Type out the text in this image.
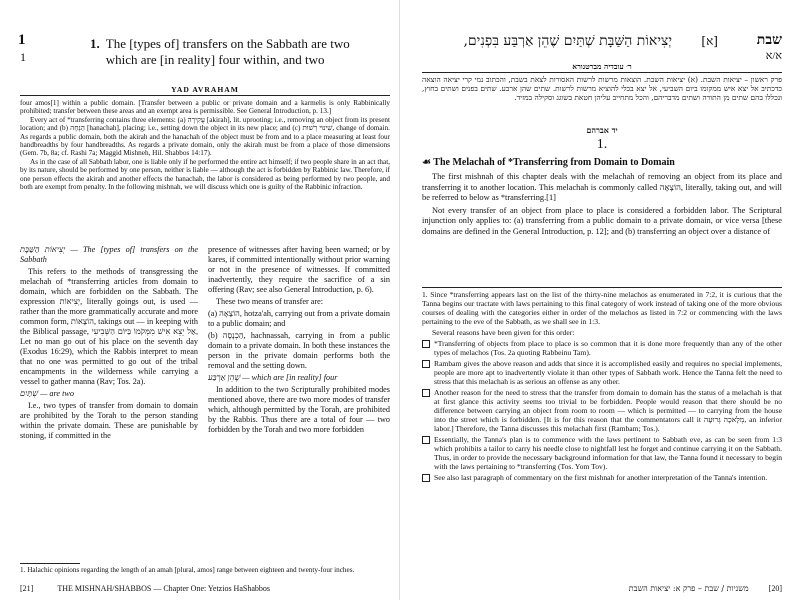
1
1
1. The [types of] transfers on the Sabbath are two which are [in reality] four within, and two
YAD AVRAHAM

four amos[1] within a public domain. [Transfer between a public or private domain and a karmelis is only Rabbinically prohibited; transfer between these areas and an exempt area is permissible. See General Introduction, p. 13.]

Every act of *transferring contains three elements: (a) עֲקִירָה [akirah], lit. uprooting; i.e., removing an object from its present location; and (b) הַנָּחָה [hanachah], placing; i.e., setting down the object in its new place; and (c) שִׁינּוּי רְשׁוּת, change of domain. As regards a public domain, both the akirah and the hanachah of the object must be from and to a place measuring at least four handbreadths by four handbreadths. As regards a private domain, only the akirah must be from a place of those dimensions (Gem. 7b, 8a; cf. Rashi 7a; Maggid Mishneh, Hil. Shabbos 14:17).

As in the case of all Sabbath labor, one is liable only if he performed the entire act himself; if two people share in an act that, by its nature, should be performed by one person, neither is liable — although the act is forbidden by Rabbinic law. Therefore, if one person effects the akirah and another effects the hanachah, the labor is considered as being performed by two people, and both are exempt from penalty. In the following mishnah, we will discuss which one is guilty of the Rabbinic infraction.

יְצִיאוֹת הַשַּׁבָּת — The [types of] transfers on the Sabbath

This refers to the methods of transgressing the melachah of *transferring articles from domain to domain, which are forbidden on the Sabbath. The expression יְצִיאוֹת, literally goings out, is used — rather than the more grammatically accurate and more common form, הוֹצָאוֹת, takings out — in keeping with the Biblical passage, אַל יֵצֵא אִישׁ מִמְּקֹמוֹ בַּיּוֹם הַשְּׁבִיעִי, Let no man go out of his place on the seventh day (Exodus 16:29), which the Rabbis interpret to mean that no one was permitted to go out of the tribal encampments in the wilderness while carrying a vessel to gather manna (Rav; Tos. 2a).

שְׁתַּיִם — are two

I.e., two types of transfer from domain to domain are prohibited by the Torah to the person standing within the private domain. These are punishable by stoning, if committed in the

presence of witnesses after having been warned; or by kares, if committed intentionally without prior warning or not in the presence of witnesses. If committed inadvertently, they require the sacrifice of a sin offering (Rav; see also General Introduction, p. 6).

These two means of transfer are:

(a) הוֹצָאָה, hotza'ah, carrying out from a private domain to a public domain; and

(b) הַכְנָסָה, hachnassah, carrying in from a public domain to a private domain. In both these instances the person in the private domain performs both the removal and the setting down.

שֶׁהֵן אַרְבַּע — which are [in reality] four

In addition to the two Scripturally prohibited modes mentioned above, there are two more modes of transfer which, although permitted by the Torah, are prohibited by the Rabbis. Thus there are a total of four — two forbidden by the Torah and two more forbidden

1. Halachic opinions regarding the length of an amah [plural, amos] range between eighteen and twenty-four inches.
[21]	THE MISHNAH/SHABBOS — Chapter One: Yetzios HaShabbos
שבת
א/א
[א]
יְצִיאוֹת הַשַּׁבָּת שְׁתַּיִם שֶׁהֵן אַרְבַּע בִּפְנִים,
ר׳ עובדיה מברטנורא
פרק ראשון – יציאות השבת. (א) יציאות השבת. הוצאות מרשות לרשות האסורות לצאת בשבת, והכתוב נמי קרי יציאה הוצאה כדכתיב אל יצא איש ממקומו ביום השביעי, אל יצא בכלי להוציא מרשות לרשות. שתים שהן ארבע. שתים בפנים ושתים בחוץ, ונכללו בהם שתים מן התורה ושתים מדבריהם, והכל מתחייב עליהן חטאת בשוגג וסקילה במזיד.
יד אברהם
1.
☙ The Melachah of *Transferring from Domain to Domain

The first mishnah of this chapter deals with the melachah of removing an object from its place and transferring it to another location. This melachah is commonly called הוֹצָאָה, literally, taking out, and will be referred to below as *transferring.[1]

Not every transfer of an object from place to place is considered a forbidden labor. The Scriptural injunction only applies to: (a) transferring from a public domain to a private domain, or vice versa [these domains are defined in the General Introduction, p. 12]; and (b) transferring an object over a distance of

1. Since *transferring appears last on the list of the thirty-nine melachos as enumerated in 7:2, it is curious that the Tanna begins our tractate with laws pertaining to this final category of work instead of taking one of the more obvious courses of dealing with the categories either in order of the melachos as listed in 7:2 or commencing with the laws pertaining to the eve of the Sabbath, as we shall see in 1:3.

Several reasons have been given for this order:

*Transferring of objects from place to place is so common that it is done more frequently than any of the other types of melachos (Tos. 2a quoting Rabbeinu Tam).
Rambam gives the above reason and adds that since it is accomplished easily and requires no special implements, people are more apt to inadvertently violate it than other types of Sabbath work. Hence the Tanna felt the need to stress that this melachah is as serious an offense as any other.
Another reason for the need to stress that the transfer from domain to domain has the status of a melachah is that at first glance this activity seems too trivial to be forbidden. People would reason that there should be no difference between carrying an object from room to room — which is permitted — to carrying from the house into the street which is forbidden. [It is for this reason that the commentators call it מְלָאכָה גְּרוּעָה, an inferior labor.] Therefore, the Tanna discusses this melachah first (Rambam; Tos.).
Essentially, the Tanna's plan is to commence with the laws pertinent to Sabbath eve, as can be seen from 1:3 which prohibits a tailor to carry his needle close to nightfall lest he forget and continue carrying it on the Sabbath. Thus, in order to provide the necessary background information for that law, the Tanna found it necessary to begin with the laws pertaining to *transferring (Tos. Yom Tov).
See also last paragraph of commentary on the first mishnah for another interpretation of the Tanna's intention.
משניות / שבת – פרק א: יציאות השבת	[20]
